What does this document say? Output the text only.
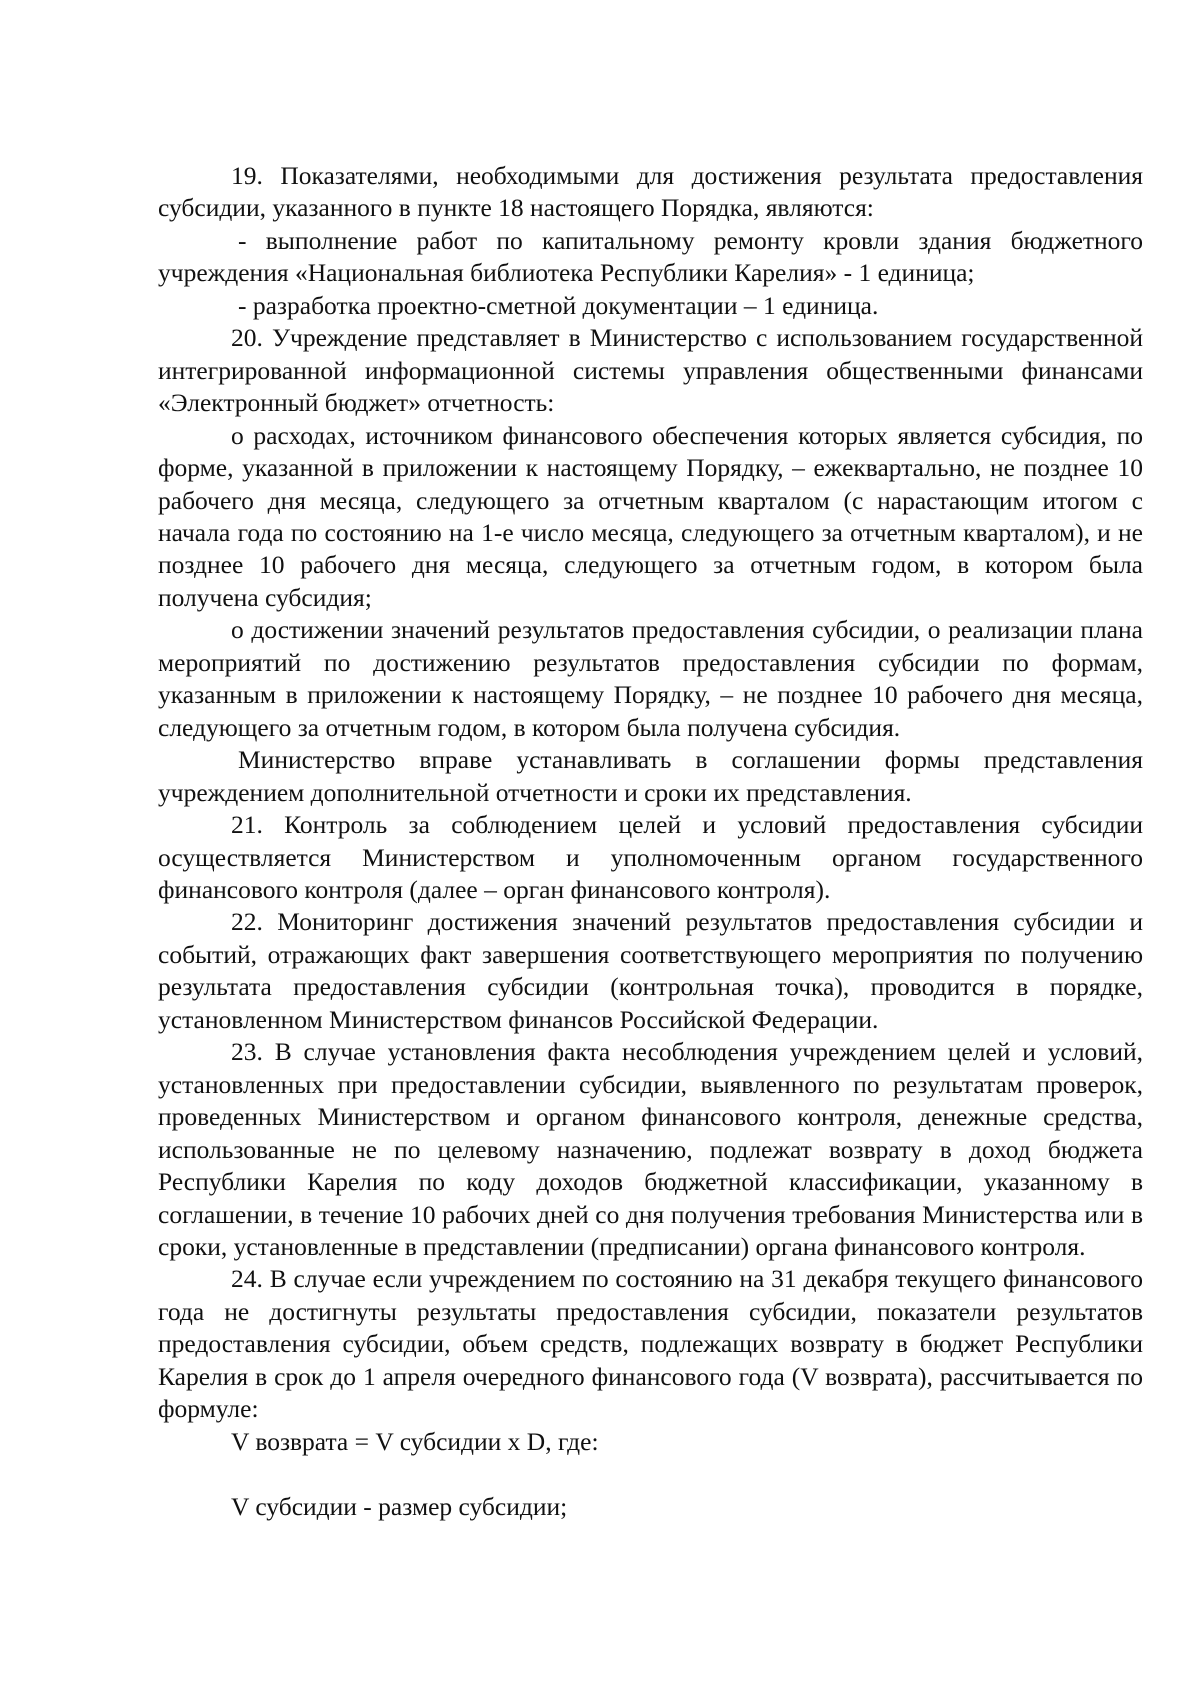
19. Показателями, необходимыми для достижения результата предоставления субсидии, указанного в пункте 18 настоящего Порядка, являются:

- выполнение работ по капитальному ремонту кровли здания бюджетного учреждения «Национальная библиотека Республики Карелия» - 1 единица;

- разработка проектно-сметной документации – 1 единица.

20. Учреждение представляет в Министерство с использованием государственной интегрированной информационной системы управления общественными финансами «Электронный бюджет» отчетность:

о расходах, источником финансового обеспечения которых является субсидия, по форме, указанной в приложении к настоящему Порядку, – ежеквартально, не позднее 10 рабочего дня месяца, следующего за отчетным кварталом (с нарастающим итогом с начала года по состоянию на 1-е число месяца, следующего за отчетным кварталом), и не позднее 10 рабочего дня месяца, следующего за отчетным годом, в котором была получена субсидия;

о достижении значений результатов предоставления субсидии, о реализации плана мероприятий по достижению результатов предоставления субсидии по формам, указанным в приложении к настоящему Порядку, – не позднее 10 рабочего дня месяца, следующего за отчетным годом, в котором была получена субсидия.

Министерство вправе устанавливать в соглашении формы представления учреждением дополнительной отчетности и сроки их представления.

21. Контроль за соблюдением целей и условий предоставления субсидии осуществляется Министерством и уполномоченным органом государственного финансового контроля (далее – орган финансового контроля).

22. Мониторинг достижения значений результатов предоставления субсидии и событий, отражающих факт завершения соответствующего мероприятия по получению результата предоставления субсидии (контрольная точка), проводится в порядке, установленном Министерством финансов Российской Федерации.

23. В случае установления факта несоблюдения учреждением целей и условий, установленных при предоставлении субсидии, выявленного по результатам проверок, проведенных Министерством и органом финансового контроля, денежные средства, использованные не по целевому назначению, подлежат возврату в доход бюджета Республики Карелия по коду доходов бюджетной классификации, указанному в соглашении, в течение 10 рабочих дней со дня получения требования Министерства или в сроки, установленные в представлении (предписании) органа финансового контроля.

24. В случае если учреждением по состоянию на 31 декабря текущего финансового года не достигнуты результаты предоставления субсидии, показатели результатов предоставления субсидии, объем средств, подлежащих возврату в бюджет Республики Карелия в срок до 1 апреля очередного финансового года (V возврата), рассчитывается по формуле:

V возврата = V субсидии x D, где:

V субсидии - размер субсидии;
